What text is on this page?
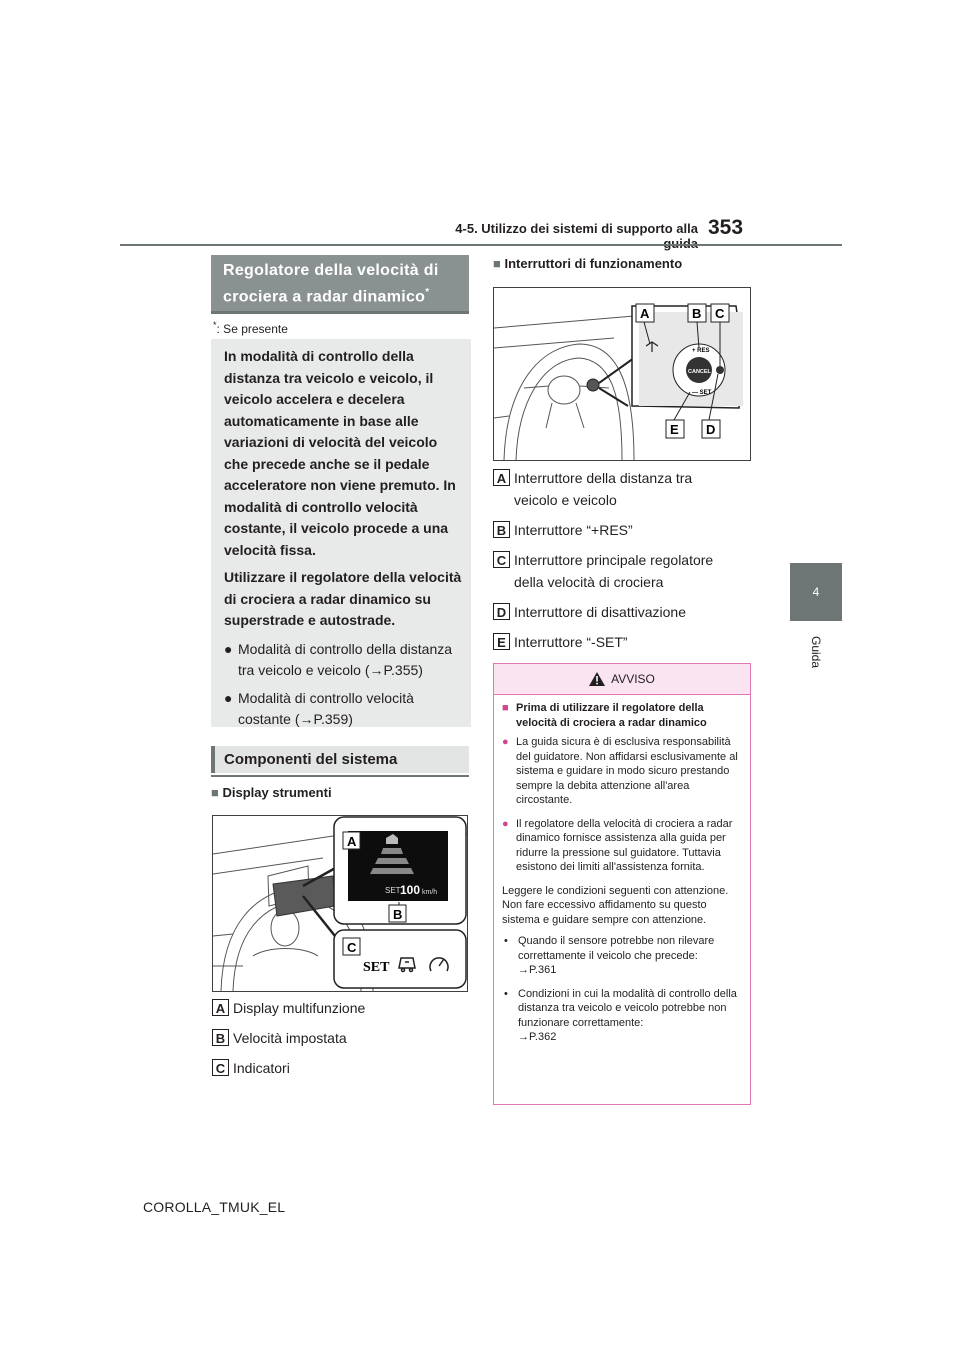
4-5. Utilizzo dei sistemi di supporto alla 353
4
Guida
Regolatore della velocità di crociera a radar dinamico*
*: Se presente

In modalità di controllo della distanza tra veicolo e veicolo, il veicolo accelera e decelera automaticamente in base alle variazioni di velocità del veicolo che precede anche se il pedale acceleratore non viene premuto. In modalità di controllo velocità costante, il veicolo procede a una velocità fissa.

Utilizzare il regolatore della velocità di crociera a radar dinamico su superstrade e autostrade.

● Modalità di controllo della distanza tra veicolo e veicolo (→P.355)
● Modalità di controllo velocità costante (→P.359)
Componenti del sistema
■ Display strumenti
SET 100 km/h
A
B
C
SET
A Display multifunzione
B Velocità impostata
C Indicatori
■ Interruttori di funzionamento
CANCEL
+ RES
— SET
A	B C
E D
A Interruttore della distanza tra veicolo e veicolo
B Interruttore “+RES”
C Interruttore principale regolatore della velocità di crociera
D Interruttore di disattivazione
E Interruttore “-SET”
AVVISO
■ Prima di utilizzare il regolatore della velocità di crociera a radar dinamico
● La guida sicura è di esclusiva responsabilità del guidatore. Non affidarsi esclusivamente al sistema e guidare in modo sicuro prestando sempre la debita attenzione all'area circostante.
● Il regolatore della velocità di crociera a radar dinamico fornisce assistenza alla guida per ridurre la pressione sul guidatore. Tuttavia esistono dei limiti all'assistenza fornita.
Leggere le condizioni seguenti con attenzione. Non fare eccessivo affidamento su questo sistema e guidare sempre con attenzione.
• Quando il sensore potrebbe non rilevare correttamente il veicolo che precede:
→P.361
• Condizioni in cui la modalità di controllo della distanza tra veicolo e veicolo potrebbe non funzionare correttamente:
→P.362
COROLLA_TMUK_EL
